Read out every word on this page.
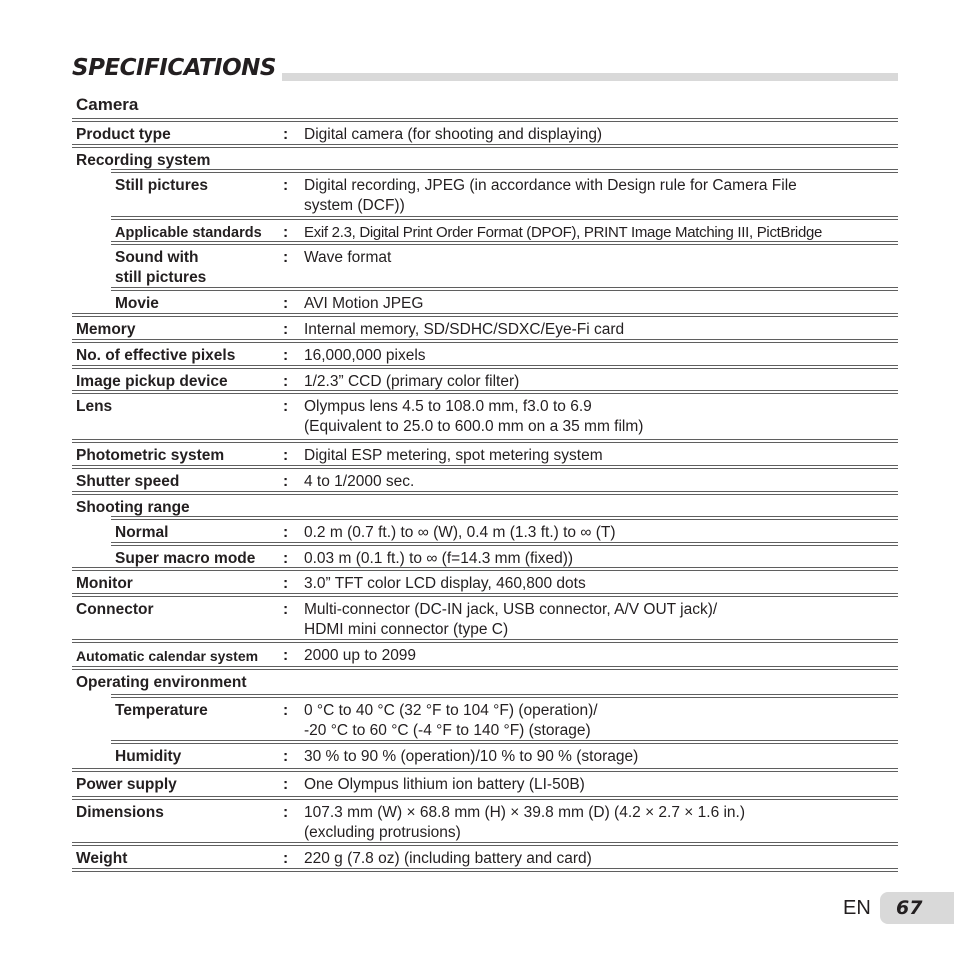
SPECIFICATIONS
Camera
Product type	: Digital camera (for shooting and displaying)
Recording system
Still pictures	: Digital recording, JPEG (in accordance with Design rule for Camera File
system (DCF))
Applicable standards	: Exif 2.3, Digital Print Order Format (DPOF), PRINT Image Matching III, PictBridge
Sound with
still pictures
: Wave format
Movie	: AVI Motion JPEG
Memory	: Internal memory, SD/SDHC/SDXC/Eye-Fi card
No. of effective pixels	: 16,000,000 pixels
Image pickup device	: 1/2.3” CCD (primary color filter)
Lens	: Olympus lens 4.5 to 108.0 mm, f3.0 to 6.9
(Equivalent to 25.0 to 600.0 mm on a 35 mm film)
Photometric system	: Digital ESP metering, spot metering system
Shutter speed	: 4 to 1/2000 sec.
Shooting range
Normal	: 0.2 m (0.7 ft.) to ∞ (W), 0.4 m (1.3 ft.) to ∞ (T)
Super macro mode	: 0.03 m (0.1 ft.) to ∞ (f=14.3 mm (fixed))
Monitor	: 3.0” TFT color LCD display, 460,800 dots
Connector	: Multi-connector (DC-IN jack, USB connector, A/V OUT jack)/
HDMI mini connector (type C)
Automatic calendar system	: 2000 up to 2099
Operating environment
Temperature	: 0 °C to 40 °C (32 °F to 104 °F) (operation)/
-20 °C to 60 °C (-4 °F to 140 °F) (storage)
Humidity	: 30 % to 90 % (operation)/10 % to 90 % (storage)
Power supply	: One Olympus lithium ion battery (LI-50B)
Dimensions	: 107.3 mm (W) × 68.8 mm (H) × 39.8 mm (D) (4.2 × 2.7 × 1.6 in.)
(excluding protrusions)
Weight	: 220 g (7.8 oz) (including battery and card)
EN 67
